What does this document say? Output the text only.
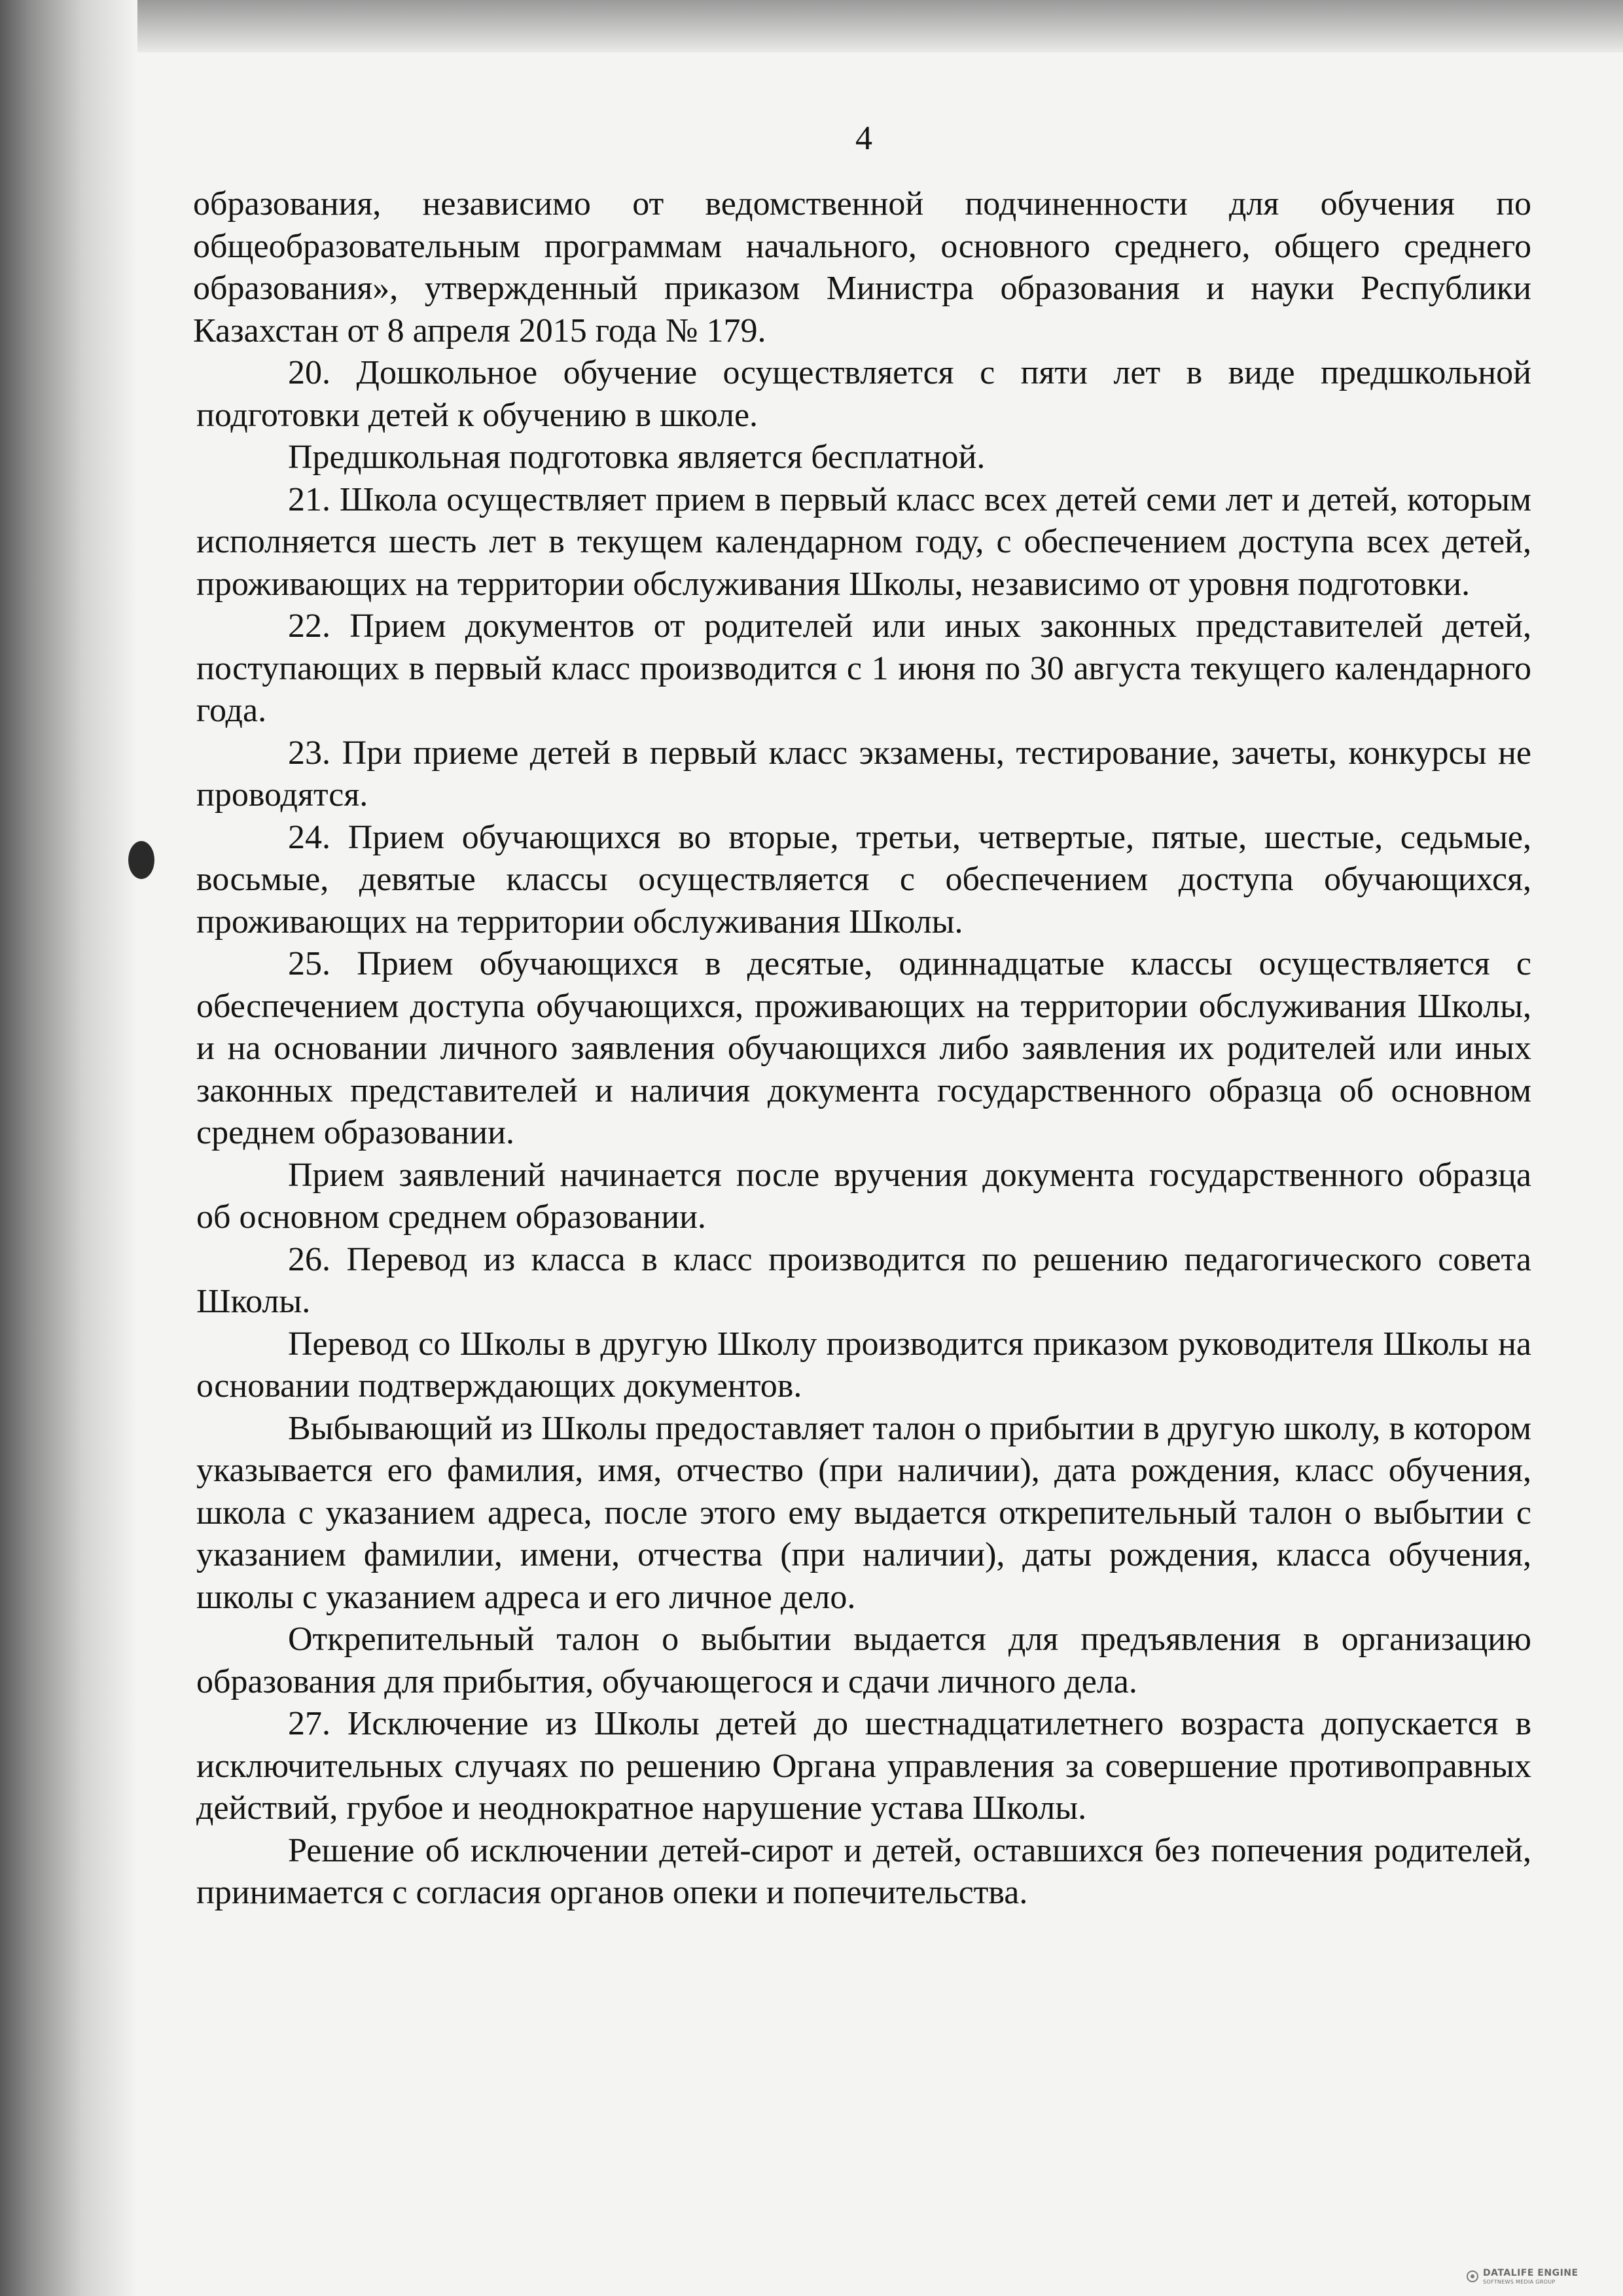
4

образования, независимо от ведомственной подчиненности для обучения по общеобразовательным программам начального, основного среднего, общего среднего образования», утвержденный приказом Министра образования и науки Республики Казахстан от 8 апреля 2015 года № 179.

20. Дошкольное обучение осуществляется с пяти лет в виде предшкольной подготовки детей к обучению в школе.

Предшкольная подготовка является бесплатной.

21. Школа осуществляет прием в первый класс всех детей семи лет и детей, которым исполняется шесть лет в текущем календарном году, с обеспечением доступа всех детей, проживающих на территории обслуживания Школы, независимо от уровня подготовки.

22. Прием документов от родителей или иных законных представителей детей, поступающих в первый класс производится с 1 июня по 30 августа текущего календарного года.

23. При приеме детей в первый класс экзамены, тестирование, зачеты, конкурсы не проводятся.

24. Прием обучающихся во вторые, третьи, четвертые, пятые, шестые, седьмые, восьмые, девятые классы осуществляется с обеспечением доступа обучающихся, проживающих на территории обслуживания Школы.

25. Прием обучающихся в десятые, одиннадцатые классы осуществляется с обеспечением доступа обучающихся, проживающих на территории обслуживания Школы, и на основании личного заявления обучающихся либо заявления их родителей или иных законных представителей и наличия документа государственного образца об основном среднем образовании.

Прием заявлений начинается после вручения документа государственного образца об основном среднем образовании.

26. Перевод из класса в класс производится по решению педагогического совета Школы.

Перевод со Школы в другую Школу производится приказом руководителя Школы на основании подтверждающих документов.

Выбывающий из Школы предоставляет талон о прибытии в другую школу, в котором указывается его фамилия, имя, отчество (при наличии), дата рождения, класс обучения, школа с указанием адреса, после этого ему выдается открепительный талон о выбытии с указанием фамилии, имени, отчества (при наличии), даты рождения, класса обучения, школы с указанием адреса и его личное дело.

Открепительный талон о выбытии выдается для предъявления в организацию образования для прибытия, обучающегося и сдачи личного дела.

27. Исключение из Школы детей до шестнадцатилетнего возраста допускается в исключительных случаях по решению Органа управления за совершение противоправных действий, грубое и неоднократное нарушение устава Школы.

Решение об исключении детей-сирот и детей, оставшихся без попечения родителей, принимается с согласия органов опеки и попечительства.

DATALIFE ENGINE
SOFTNEWS MEDIA GROUP
